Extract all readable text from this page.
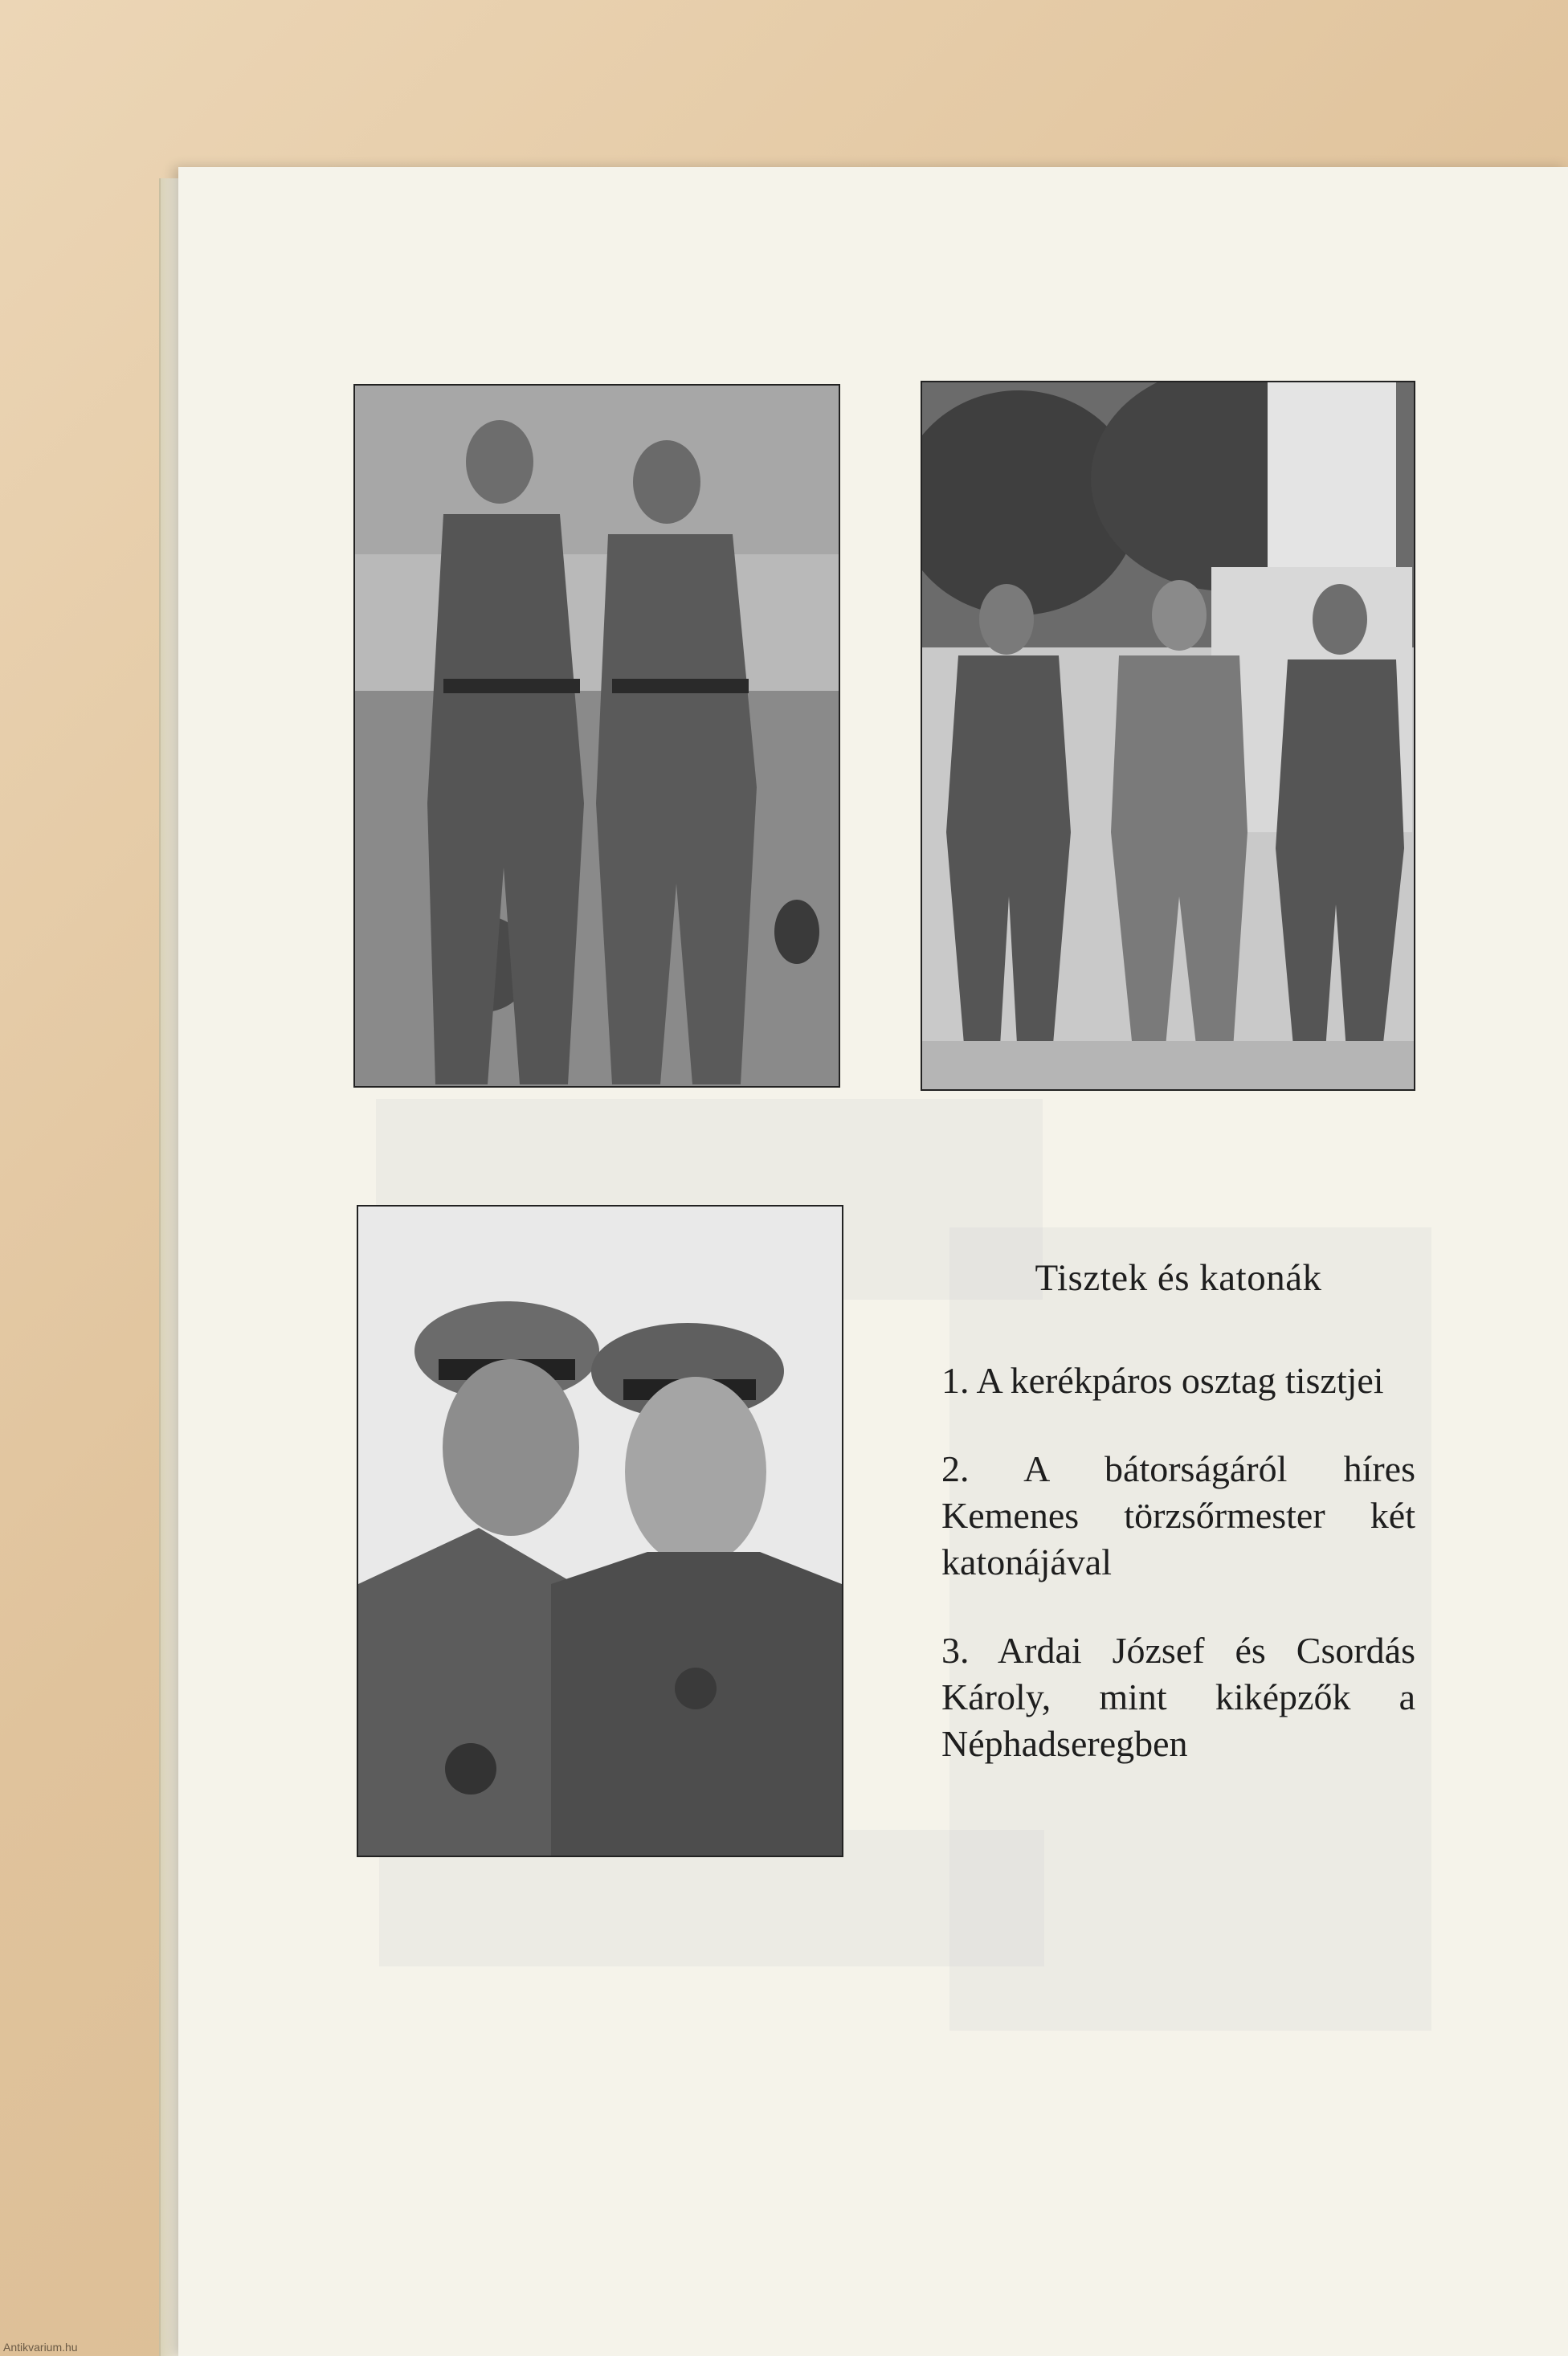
Tisztek és katonák
1. A kerékpáros osztag tisztjei
2. A bátorságáról híres Kemenes törzsőrmester két katonájával
3. Ardai József és Csordás Károly, mint kiképzők a Néphadseregben
Antikvarium.hu
